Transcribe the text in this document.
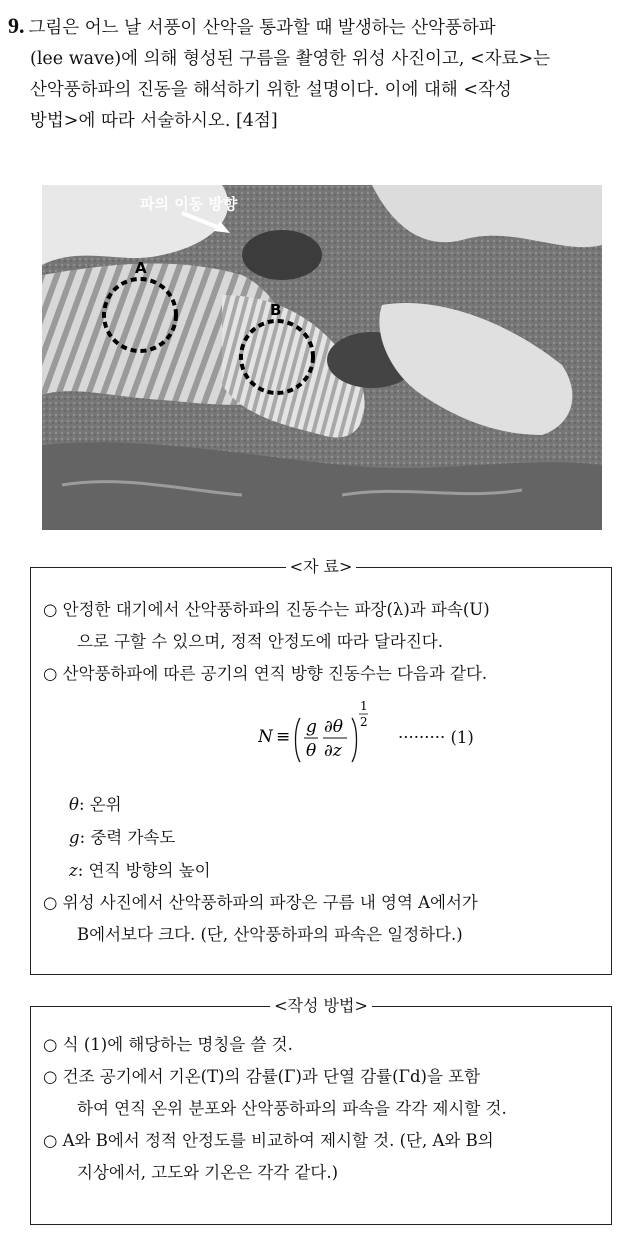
9. 그림은 어느 날 서풍이 산악을 통과할 때 발생하는 산악풍하파
(lee wave)에 의해 형성된 구름을 촬영한 위성 사진이고, <자료>는
산악풍하파의 진동을 해석하기 위한 설명이다. 이에 대해 <작성
방법>에 따라 서술하시오. [4점]
파의 이동 방향
A
B
<자 료>
○ 안정한 대기에서 산악풍하파의 진동수는 파장(λ)과 파속(U)
으로 구할 수 있으며, 정적 안정도에 따라 달라진다.
○ 산악풍하파에 따른 공기의 연직 방향 진동수는 다음과 같다.
N ≡ g
θ
∂θ
∂z
1
2
········· (1)
θ: 온위
g: 중력 가속도
z: 연직 방향의 높이
○ 위성 사진에서 산악풍하파의 파장은 구름 내 영역 A에서가
B에서보다 크다. (단, 산악풍하파의 파속은 일정하다.)
<작성 방법>
○ 식 (1)에 해당하는 명칭을 쓸 것.
○ 건조 공기에서 기온(T)의 감률(Γ)과 단열 감률(Γd)을 포함
하여 연직 온위 분포와 산악풍하파의 파속을 각각 제시할 것.
○ A와 B에서 정적 안정도를 비교하여 제시할 것. (단, A와 B의
지상에서, 고도와 기온은 각각 같다.)
